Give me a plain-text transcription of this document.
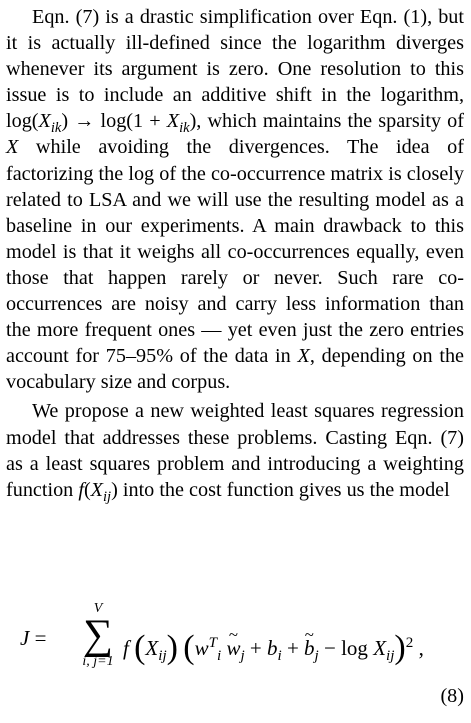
Eqn. (7) is a drastic simplification over Eqn. (1), but it is actually ill-defined since the logarithm diverges whenever its argument is zero. One resolution to this issue is to include an additive shift in the logarithm, $\log(X_{ik}) \to \log(1 + X_{ik})$, which maintains the sparsity of X while avoiding the divergences. The idea of factorizing the log of the co-occurrence matrix is closely related to LSA and we will use the resulting model as a baseline in our experiments. A main drawback to this model is that it weighs all co-occurrences equally, even those that happen rarely or never. Such rare cooccurrences are noisy and carry less information than the more frequent ones — yet even just the zero entries account for 75–95% of the data in X, depending on the vocabulary size and corpus.

We propose a new weighted least squares regression model that addresses these problems. Casting Eqn. (7) as a least squares problem and introducing a weighting function $f(X_{ij})$ into the cost function gives us the model

J =
V
∑
i, j=1
f $(X_{ij})$ ($w^T_i$ ~ $w_j + b_i$ + ~ $b_j - \log X_{ij})^2$ ,
(8)
